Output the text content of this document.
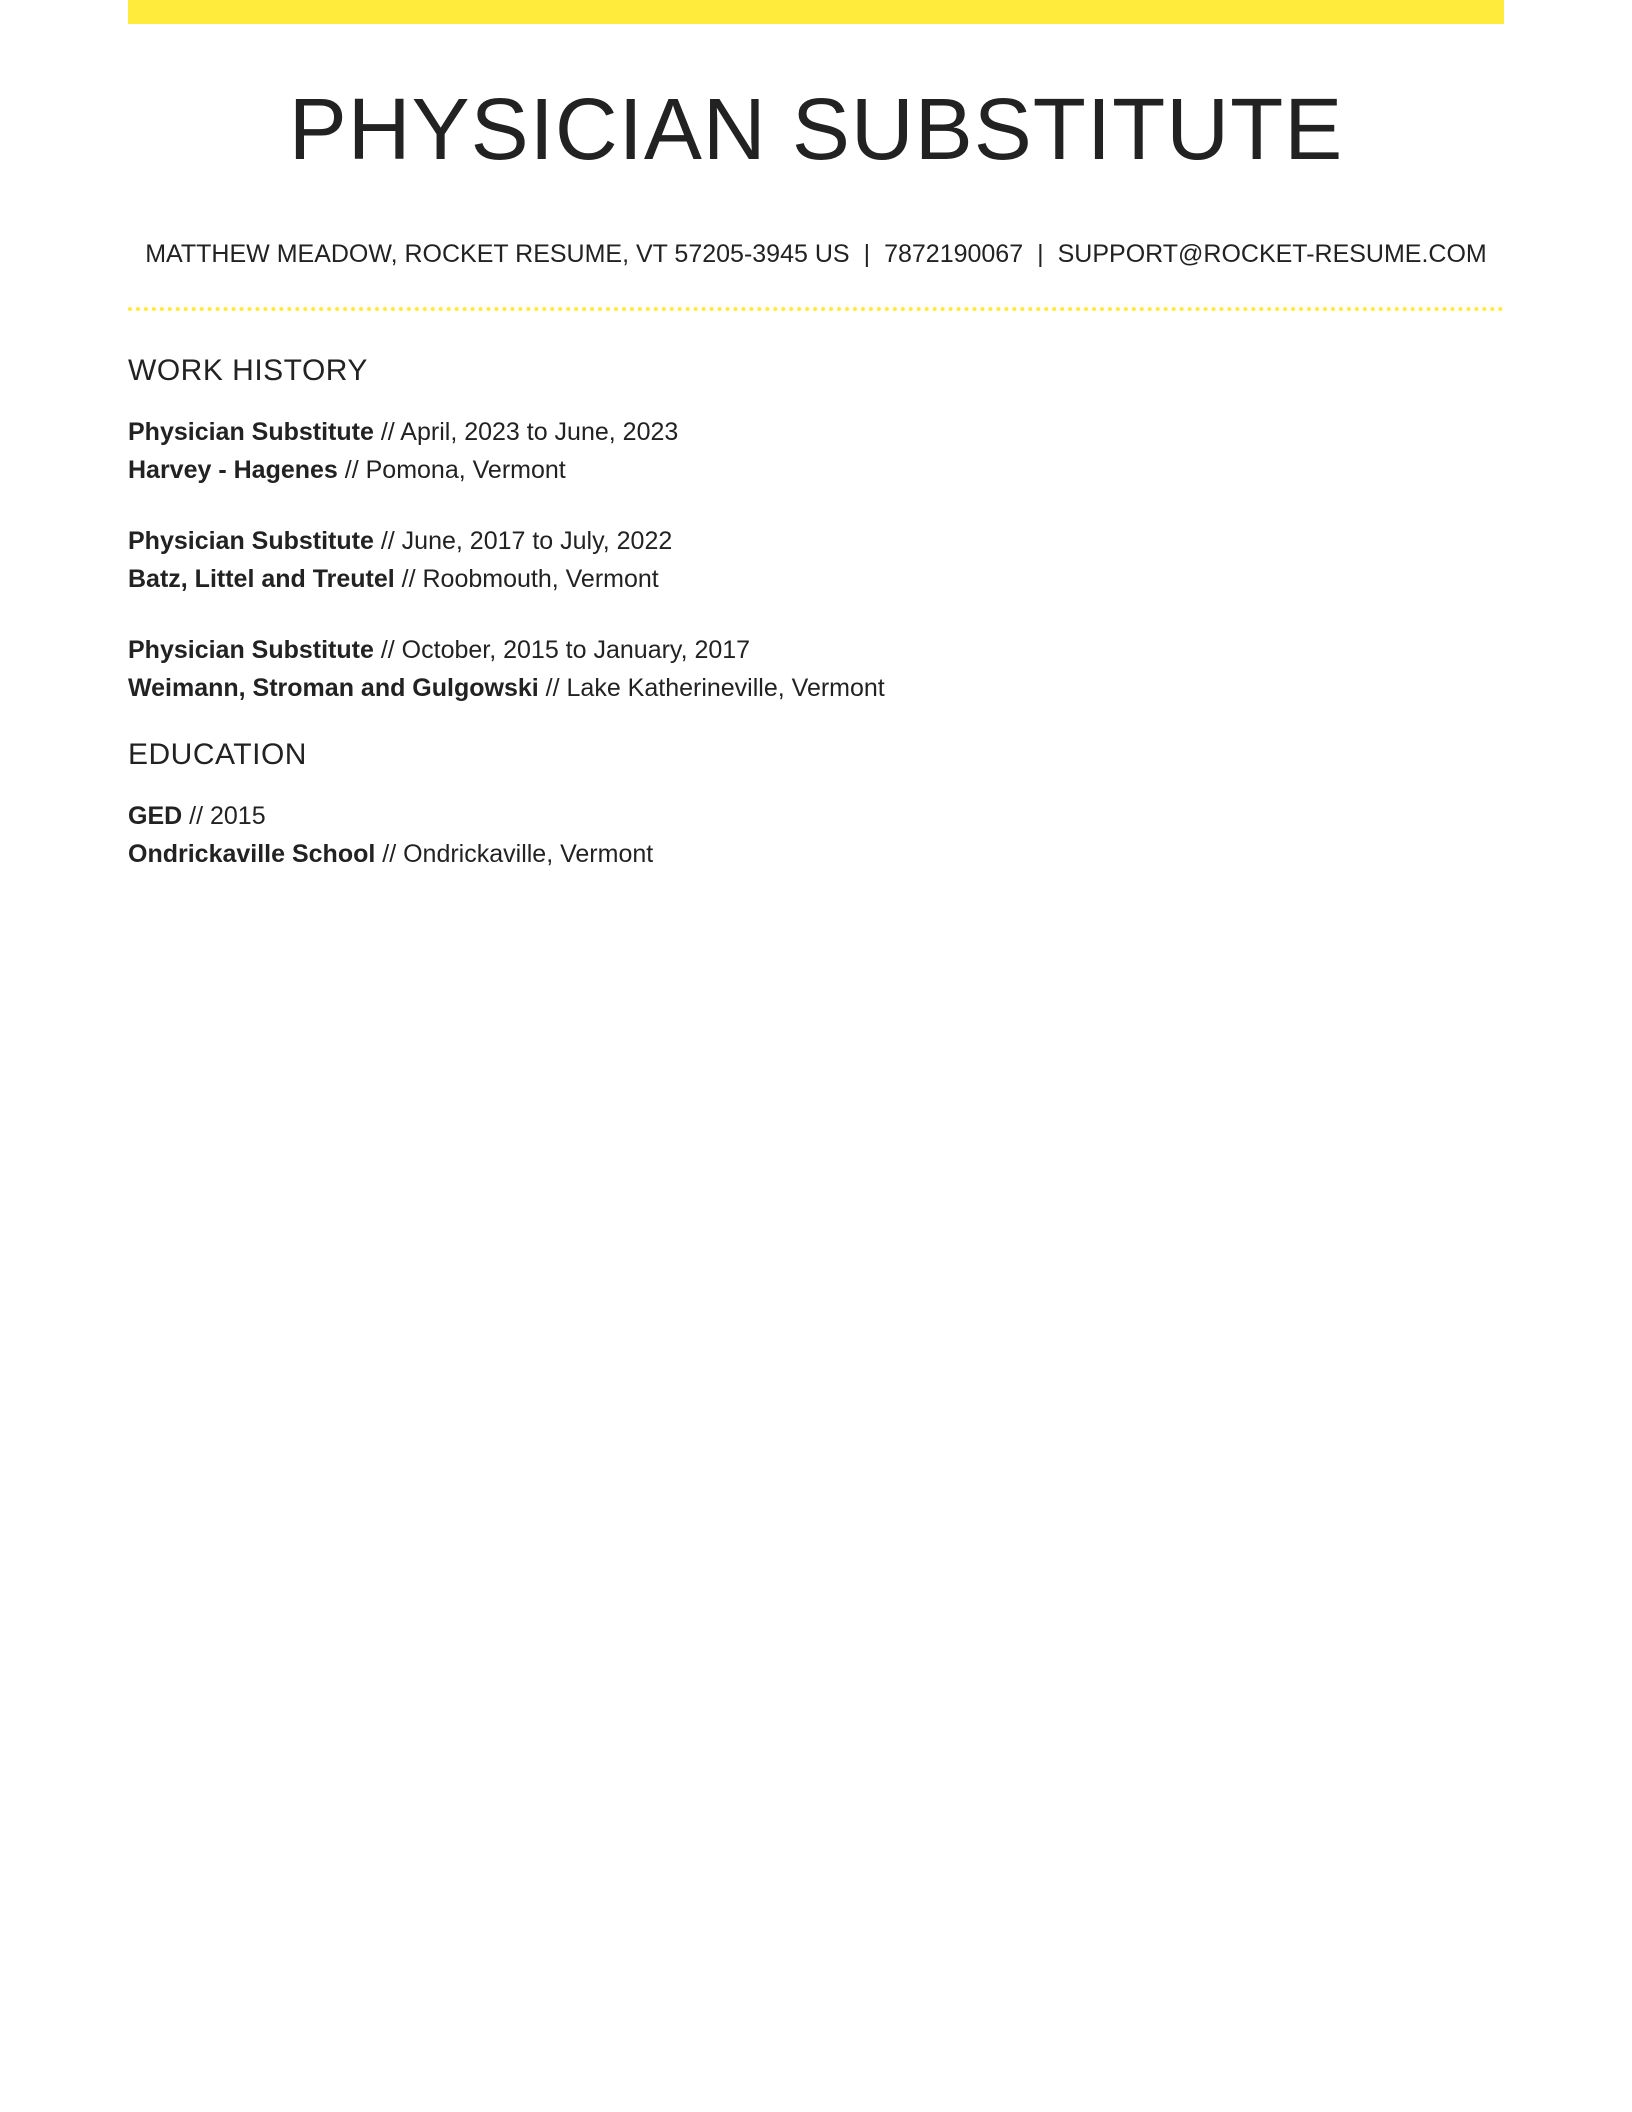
PHYSICIAN SUBSTITUTE
MATTHEW MEADOW, ROCKET RESUME, VT 57205-3945 US | 7872190067 | SUPPORT@ROCKET-RESUME.COM
WORK HISTORY
Physician Substitute // April, 2023 to June, 2023
Harvey - Hagenes // Pomona, Vermont
Physician Substitute // June, 2017 to July, 2022
Batz, Littel and Treutel // Roobmouth, Vermont
Physician Substitute // October, 2015 to January, 2017
Weimann, Stroman and Gulgowski // Lake Katherineville, Vermont
EDUCATION
GED // 2015
Ondrickaville School // Ondrickaville, Vermont
